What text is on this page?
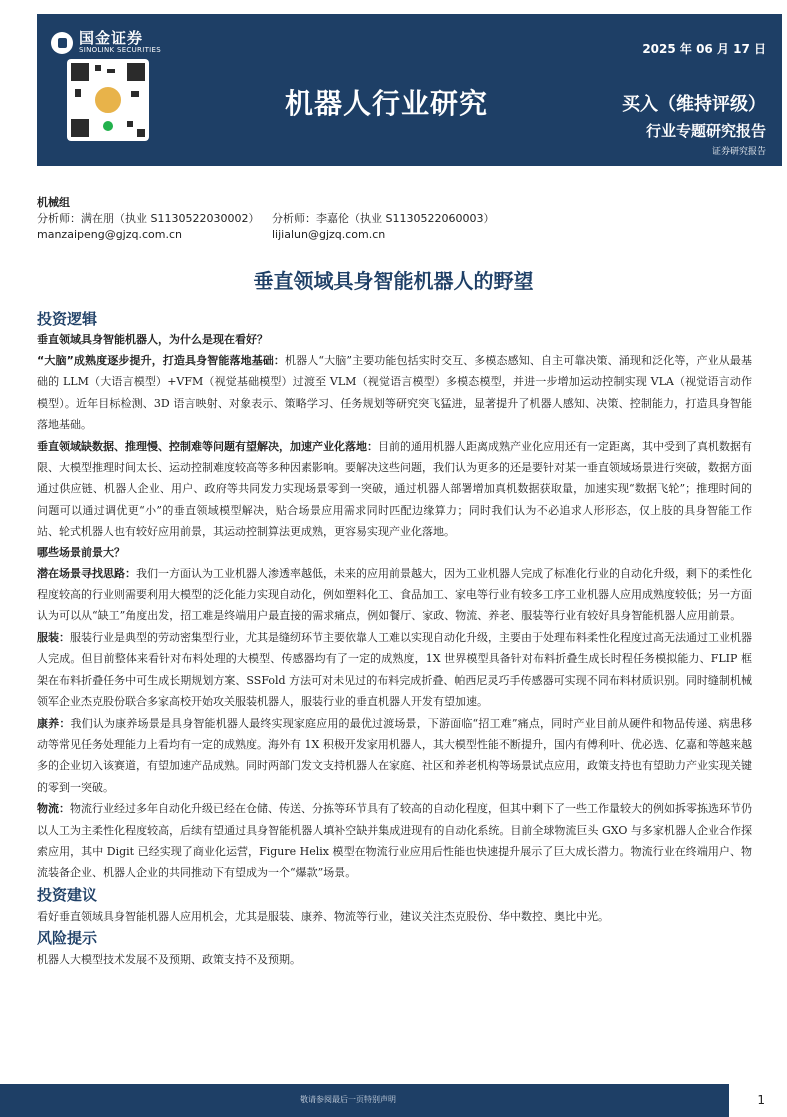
国金证券
SINOLINK SECURITIES	2025 年 06 月 17 日
机器人行业研究	买入（维持评级）
行业专题研究报告
证券研究报告
机械组
分析师：满在朋（执业 S1130522030002）	分析师：李嘉伦（执业 S1130522060003）
manzaipeng@gjzq.com.cn	lijialun@gjzq.com.cn
垂直领域具身智能机器人的野望
投资逻辑
垂直领域具身智能机器人，为什么是现在看好？

“大脑”成熟度逐步提升，打造具身智能落地基础：机器人“大脑”主要功能包括实时交互、多模态感知、自主可靠决策、涌现和泛化等，产业从最基础的 LLM（大语言模型）+VFM（视觉基础模型）过渡至 VLM（视觉语言模型）多模态模型，并进一步增加运动控制实现 VLA（视觉语言动作模型）。近年目标检测、3D 语言映射、对象表示、策略学习、任务规划等研究突飞猛进，显著提升了机器人感知、决策、控制能力，打造具身智能落地基础。

垂直领域缺数据、推理慢、控制难等问题有望解决，加速产业化落地：目前的通用机器人距离成熟产业化应用还有一定距离，其中受到了真机数据有限、大模型推理时间太长、运动控制难度较高等多种因素影响。要解决这些问题，我们认为更多的还是要针对某一垂直领域场景进行突破，数据方面通过供应链、机器人企业、用户、政府等共同发力实现场景零到一突破，通过机器人部署增加真机数据获取量，加速实现“数据飞轮”；推理时间的问题可以通过调优更“小”的垂直领域模型解决，贴合场景应用需求同时匹配边缘算力；同时我们认为不必追求人形形态，仅上肢的具身智能工作站、轮式机器人也有较好应用前景，其运动控制算法更成熟，更容易实现产业化落地。

哪些场景前景大？

潜在场景寻找思路：我们一方面认为工业机器人渗透率越低，未来的应用前景越大，因为工业机器人完成了标准化行业的自动化升级，剩下的柔性化程度较高的行业则需要利用大模型的泛化能力实现自动化，例如塑料化工、食品加工、家电等行业有较多工序工业机器人应用成熟度较低；另一方面认为可以从“缺工”角度出发，招工难是终端用户最直接的需求痛点，例如餐厅、家政、物流、养老、服装等行业有较好具身智能机器人应用前景。

服装：服装行业是典型的劳动密集型行业，尤其是缝纫环节主要依靠人工难以实现自动化升级，主要由于处理布料柔性化程度过高无法通过工业机器人完成。但目前整体来看针对布料处理的大模型、传感器均有了一定的成熟度，1X 世界模型具备针对布料折叠生成长时程任务模拟能力、FLIP 框架在布料折叠任务中可生成长期规划方案、SSFold 方法可对未见过的布料完成折叠、帕西尼灵巧手传感器可实现不同布料材质识别。同时缝制机械领军企业杰克股份联合多家高校开始攻关服装机器人，服装行业的垂直机器人开发有望加速。

康养：我们认为康养场景是具身智能机器人最终实现家庭应用的最优过渡场景，下游面临“招工难”痛点，同时产业目前从硬件和物品传递、病患移动等常见任务处理能力上看均有一定的成熟度。海外有 1X 积极开发家用机器人，其大模型性能不断提升，国内有傅利叶、优必选、亿嘉和等越来越多的企业切入该赛道，有望加速产品成熟。同时两部门发文支持机器人在家庭、社区和养老机构等场景试点应用，政策支持也有望助力产业实现关键的零到一突破。

物流：物流行业经过多年自动化升级已经在仓储、传送、分拣等环节具有了较高的自动化程度，但其中剩下了一些工作量较大的例如拆零拣选环节仍以人工为主柔性化程度较高，后续有望通过具身智能机器人填补空缺并集成进现有的自动化系统。目前全球物流巨头 GXO 与多家机器人企业合作探索应用，其中 Digit 已经实现了商业化运营，Figure Helix 模型在物流行业应用后性能也快速提升展示了巨大成长潜力。物流行业在终端用户、物流装备企业、机器人企业的共同推动下有望成为一个“爆款”场景。

投资建议

看好垂直领域具身智能机器人应用机会，尤其是服装、康养、物流等行业，建议关注杰克股份、华中数控、奥比中光。

风险提示

机器人大模型技术发展不及预期、政策支持不及预期。

敬请参阅最后一页特别声明	1
